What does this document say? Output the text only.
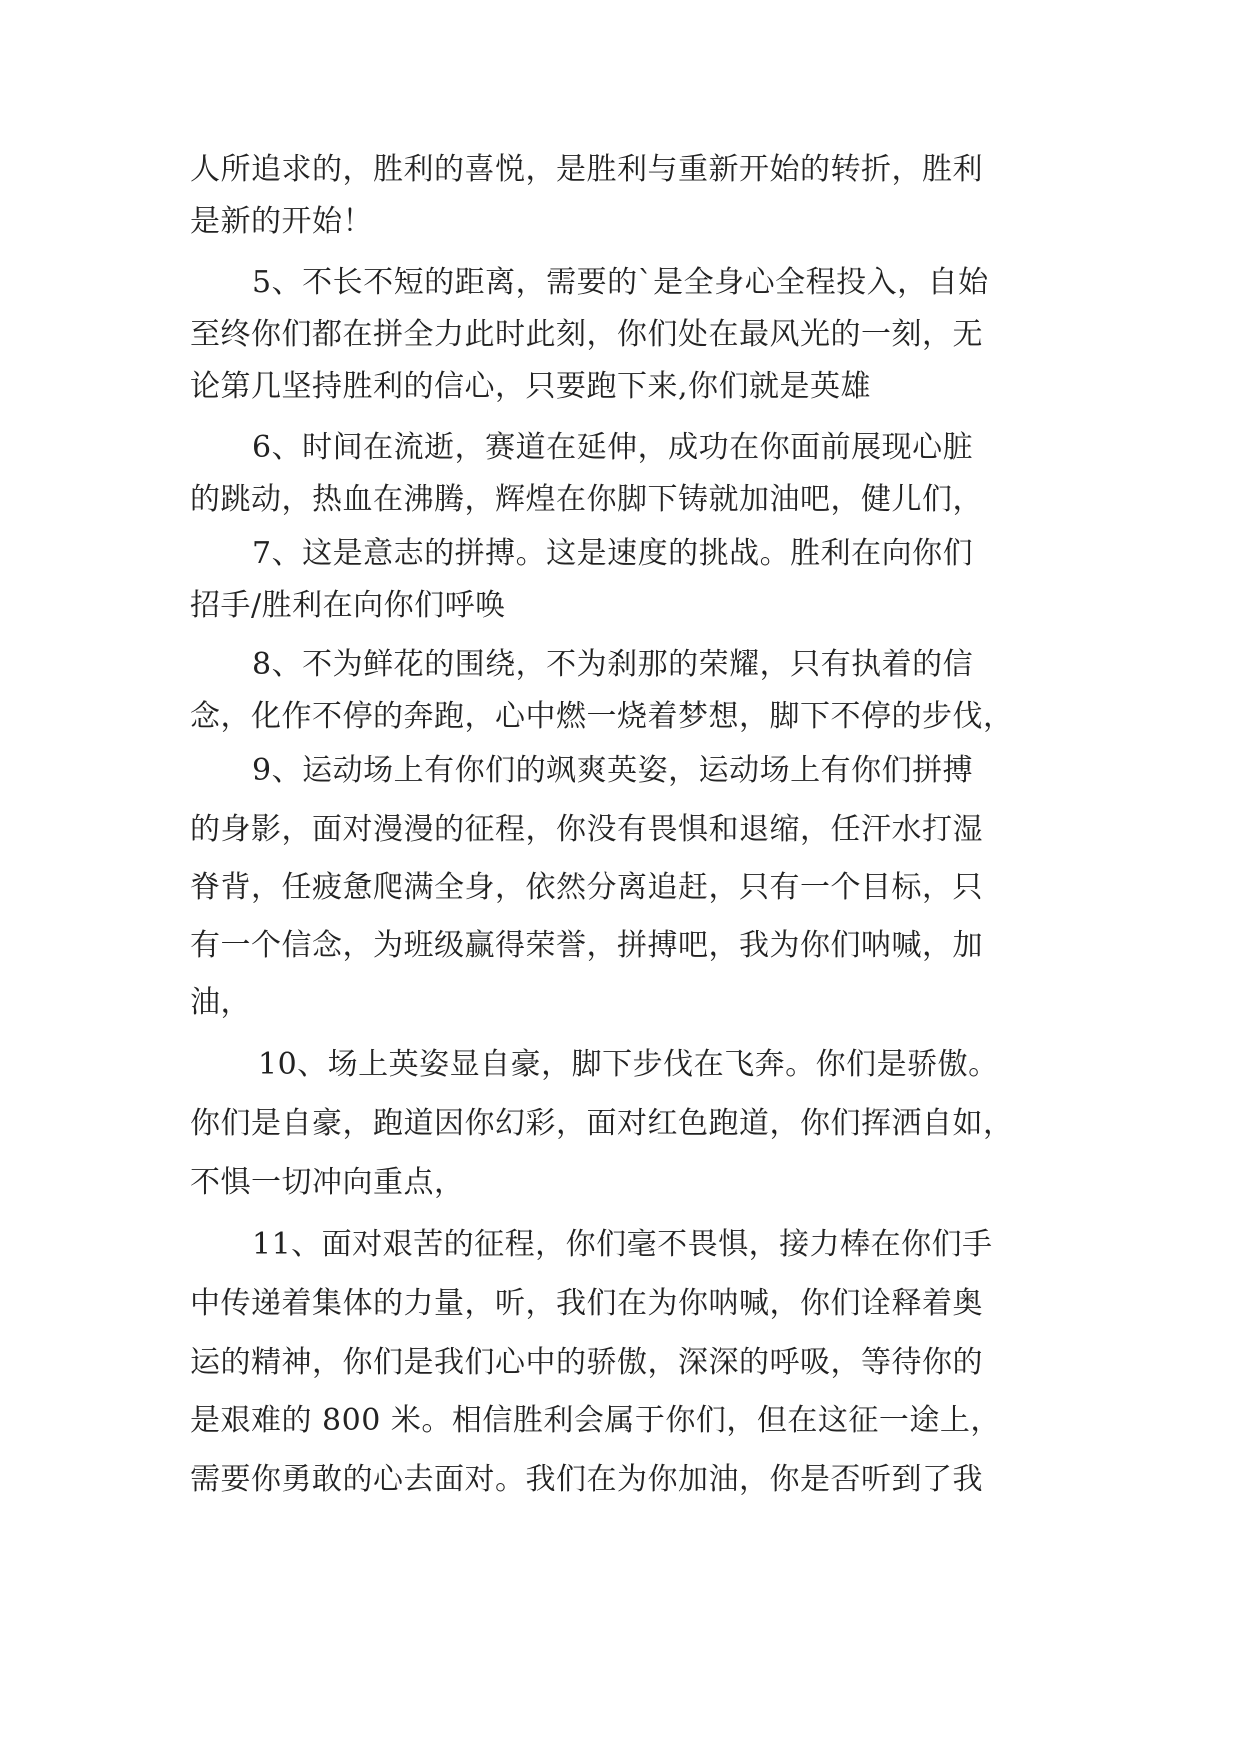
人所追求的，胜利的喜悦，是胜利与重新开始的转折，胜利
是新的开始！
5、不长不短的距离，需要的`是全身心全程投入，自始
至终你们都在拼全力此时此刻，你们处在最风光的一刻，无
论第几坚持胜利的信心，只要跑下来,你们就是英雄
6、时间在流逝，赛道在延伸，成功在你面前展现心脏
的跳动，热血在沸腾，辉煌在你脚下铸就加油吧，健儿们，
7、这是意志的拼搏。这是速度的挑战。胜利在向你们
招手/胜利在向你们呼唤
8、不为鲜花的围绕，不为刹那的荣耀，只有执着的信
念，化作不停的奔跑，心中燃一烧着梦想，脚下不停的步伐，
9、运动场上有你们的飒爽英姿，运动场上有你们拼搏
的身影，面对漫漫的征程，你没有畏惧和退缩，任汗水打湿
脊背，任疲惫爬满全身，依然分离追赶，只有一个目标，只
有一个信念，为班级赢得荣誉，拼搏吧，我为你们呐喊，加
油，
10、场上英姿显自豪，脚下步伐在飞奔。你们是骄傲。
你们是自豪，跑道因你幻彩，面对红色跑道，你们挥洒自如，
不惧一切冲向重点，
11、面对艰苦的征程，你们毫不畏惧，接力棒在你们手
中传递着集体的力量，听，我们在为你呐喊，你们诠释着奥
运的精神，你们是我们心中的骄傲，深深的呼吸，等待你的
是艰难的 800 米。相信胜利会属于你们，但在这征一途上，
需要你勇敢的心去面对。我们在为你加油，你是否听到了我
